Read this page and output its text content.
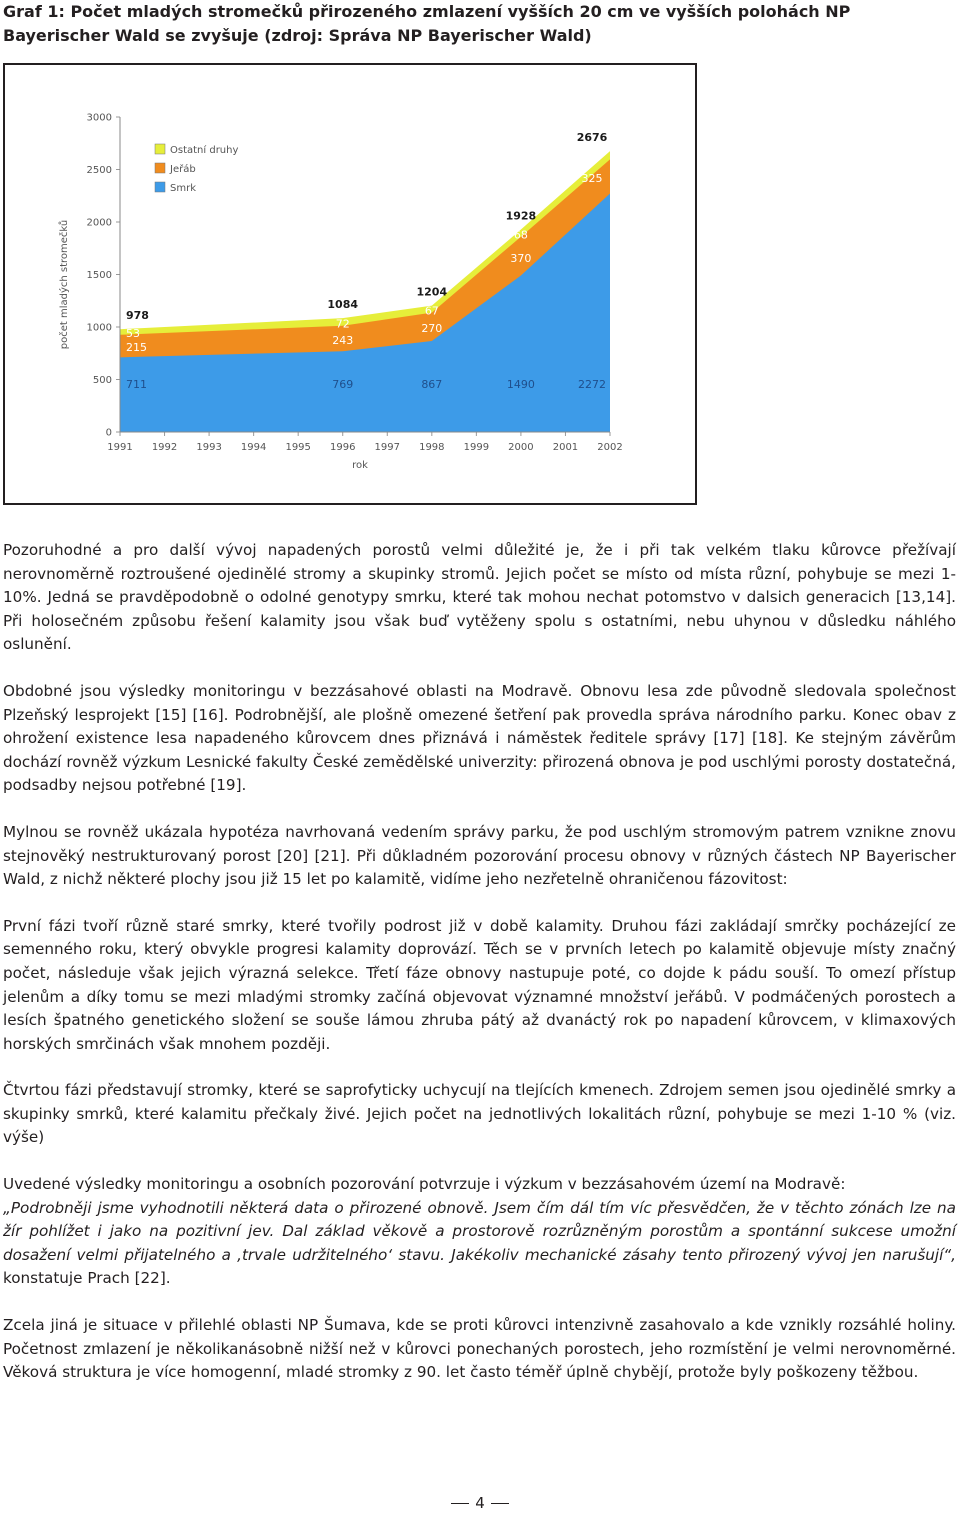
Graf 1: Počet mladých stromečků přirozeného zmlazení vyšších 20 cm ve vyšších polohách NP Bayerischer Wald se zvyšuje (zdroj: Správa NP Bayerischer Wald)
0
500
1000
1500
2000
2500
3000
1991 1992 1993 1994 1995 1996 1997 1998 1999 2000 2001 2002
711
215
53
978
769
243
72
1084
867
270
67
1204
1490
370
68
1928
2272
325
78
2676
rok
počet mladých stromečků
Ostatní druhy
Jeřáb
Smrk

Pozoruhodné a pro další vývoj napadených porostů velmi důležité je, že i při tak velkém tlaku kůrovce přežívají nerovnoměrně roztroušené ojedinělé stromy a skupinky stromů. Jejich počet se místo od místa různí, pohybuje se mezi 1-10%. Jedná se pravděpodobně o odolné genotypy smrku, které tak mohou nechat potomstvo v dalsich generacich [13,14]. Při holosečném způsobu řešení kalamity jsou však buď vytěženy spolu s ostatními, nebu uhynou v důsledku náhlého oslunění.

Obdobné jsou výsledky monitoringu v bezzásahové oblasti na Modravě. Obnovu lesa zde původně sledovala společnost Plzeňský lesprojekt [15] [16]. Podrobnější, ale plošně omezené šetření pak provedla správa národního parku. Konec obav z ohrožení existence lesa napadeného kůrovcem dnes přiznává i náměstek ředitele správy [17] [18]. Ke stejným závěrům dochází rovněž výzkum Lesnické fakulty České zemědělské univerzity: přirozená obnova je pod uschlými porosty dostatečná, podsadby nejsou potřebné [19].

Mylnou se rovněž ukázala hypotéza navrhovaná vedením správy parku, že pod uschlým stromovým patrem vznikne znovu stejnověký nestrukturovaný porost [20] [21]. Při důkladném pozorování procesu obnovy v různých částech NP Bayerischer Wald, z nichž některé plochy jsou již 15 let po kalamitě, vidíme jeho nezřetelně ohraničenou fázovitost:

První fázi tvoří různě staré smrky, které tvořily podrost již v době kalamity. Druhou fázi zakládají smrčky pocházející ze semenného roku, který obvykle progresi kalamity doprovází. Těch se v prvních letech po kalamitě objevuje místy značný počet, následuje však jejich výrazná selekce. Třetí fáze obnovy nastupuje poté, co dojde k pádu souší. To omezí přístup jelenům a díky tomu se mezi mladými stromky začíná objevovat významné množství jeřábů. V podmáčených porostech a lesích špatného genetického složení se souše lámou zhruba pátý až dvanáctý rok po napadení kůrovcem, v klimaxových horských smrčinách však mnohem později.

Čtvrtou fázi představují stromky, které se saprofyticky uchycují na tlejících kmenech. Zdrojem semen jsou ojedinělé smrky a skupinky smrků, které kalamitu přečkaly živé. Jejich počet na jednotlivých lokalitách různí, pohybuje se mezi 1-10 % (viz. výše)

Uvedené výsledky monitoringu a osobních pozorování potvrzuje i výzkum v bezzásahovém území na Modravě:
„Podrobněji jsme vyhodnotili některá data o přirozené obnově. Jsem čím dál tím víc přesvědčen, že v těchto zónách lze na žír pohlížet i jako na pozitivní jev. Dal základ věkově a prostorově rozrůzněným porostům a spontánní sukcese umožní dosažení velmi přijatelného a ‚trvale udržitelného‘ stavu. Jakékoliv mechanické zásahy tento přirozený vývoj jen narušují“, konstatuje Prach [22].

Zcela jiná je situace v přilehlé oblasti NP Šumava, kde se proti kůrovci intenzivně zasahovalo a kde vznikly rozsáhlé holiny. Početnost zmlazení je několikanásobně nižší než v kůrovci ponechaných porostech, jeho rozmístění je velmi nerovnoměrné. Věková struktura je více homogenní, mladé stromky z 90. let často téměř úplně chybějí, protože byly poškozeny těžbou.

4
